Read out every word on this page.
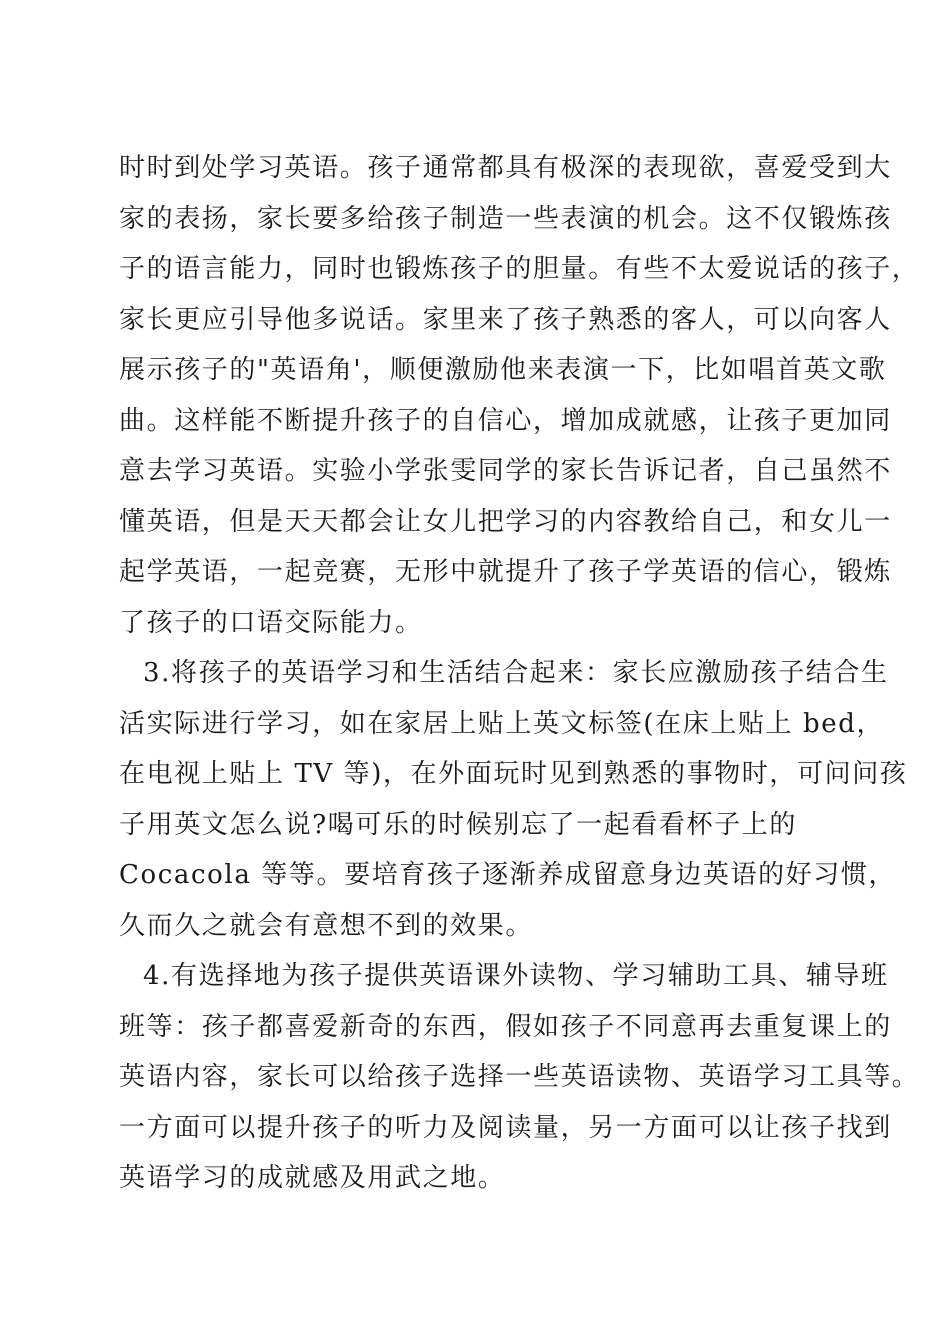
时时到处学习英语。孩子通常都具有极深的表现欲，喜爱受到大
家的表扬，家长要多给孩子制造一些表演的机会。这不仅锻炼孩
子的语言能力，同时也锻炼孩子的胆量。有些不太爱说话的孩子，
家长更应引导他多说话。家里来了孩子熟悉的客人，可以向客人
展示孩子的"英语角'，顺便激励他来表演一下，比如唱首英文歌
曲。这样能不断提升孩子的自信心，增加成就感，让孩子更加同
意去学习英语。实验小学张雯同学的家长告诉记者，自己虽然不
懂英语，但是天天都会让女儿把学习的内容教给自己，和女儿一
起学英语，一起竞赛，无形中就提升了孩子学英语的信心，锻炼
了孩子的口语交际能力。
3.将孩子的英语学习和生活结合起来：家长应激励孩子结合生
活实际进行学习，如在家居上贴上英文标签(在床上贴上 bed，
在电视上贴上 TV 等)，在外面玩时见到熟悉的事物时，可问问孩
子用英文怎么说?喝可乐的时候别忘了一起看看杯子上的
Cocacola 等等。要培育孩子逐渐养成留意身边英语的好习惯，
久而久之就会有意想不到的效果。
4.有选择地为孩子提供英语课外读物、学习辅助工具、辅导班
班等：孩子都喜爱新奇的东西，假如孩子不同意再去重复课上的
英语内容，家长可以给孩子选择一些英语读物、英语学习工具等。
一方面可以提升孩子的听力及阅读量，另一方面可以让孩子找到
英语学习的成就感及用武之地。
